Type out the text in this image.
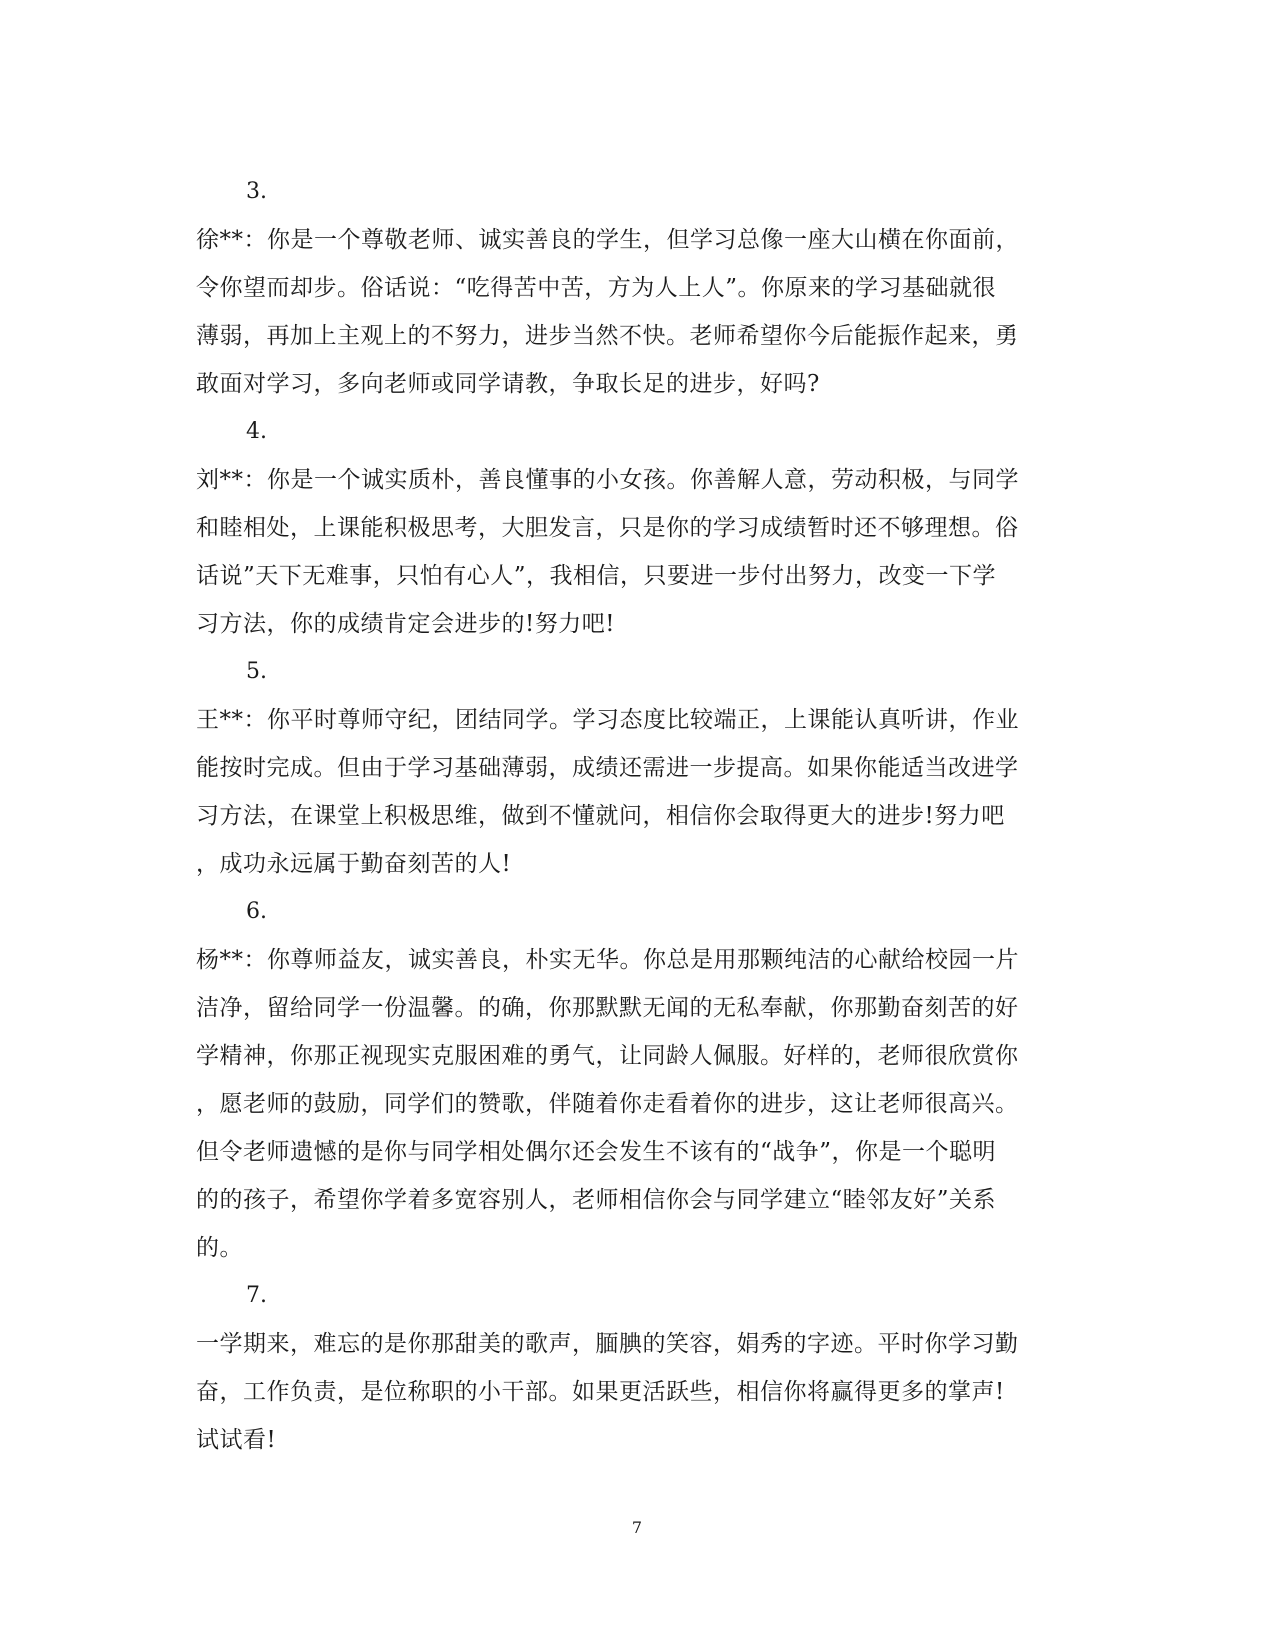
3.
徐**：你是一个尊敬老师、诚实善良的学生，但学习总像一座大山横在你面前，
令你望而却步。俗话说：“吃得苦中苦，方为人上人”。你原来的学习基础就很
薄弱，再加上主观上的不努力，进步当然不快。老师希望你今后能振作起来，勇
敢面对学习，多向老师或同学请教，争取长足的进步，好吗?
4.
刘**：你是一个诚实质朴，善良懂事的小女孩。你善解人意，劳动积极，与同学
和睦相处，上课能积极思考，大胆发言，只是你的学习成绩暂时还不够理想。俗
话说”天下无难事，只怕有心人”，我相信，只要进一步付出努力，改变一下学
习方法，你的成绩肯定会进步的!努力吧!
5.
王**：你平时尊师守纪，团结同学。学习态度比较端正，上课能认真听讲，作业
能按时完成。但由于学习基础薄弱，成绩还需进一步提高。如果你能适当改进学
习方法，在课堂上积极思维，做到不懂就问，相信你会取得更大的进步!努力吧
，成功永远属于勤奋刻苦的人!
6.
杨**：你尊师益友，诚实善良，朴实无华。你总是用那颗纯洁的心献给校园一片
洁净，留给同学一份温馨。的确，你那默默无闻的无私奉献，你那勤奋刻苦的好
学精神，你那正视现实克服困难的勇气，让同龄人佩服。好样的，老师很欣赏你
，愿老师的鼓励，同学们的赞歌，伴随着你走看着你的进步，这让老师很高兴。
但令老师遗憾的是你与同学相处偶尔还会发生不该有的“战争”，你是一个聪明
的的孩子，希望你学着多宽容别人，老师相信你会与同学建立“睦邻友好”关系
的。
7.
一学期来，难忘的是你那甜美的歌声，腼腆的笑容，娟秀的字迹。平时你学习勤
奋，工作负责，是位称职的小干部。如果更活跃些，相信你将赢得更多的掌声!
试试看!
7
